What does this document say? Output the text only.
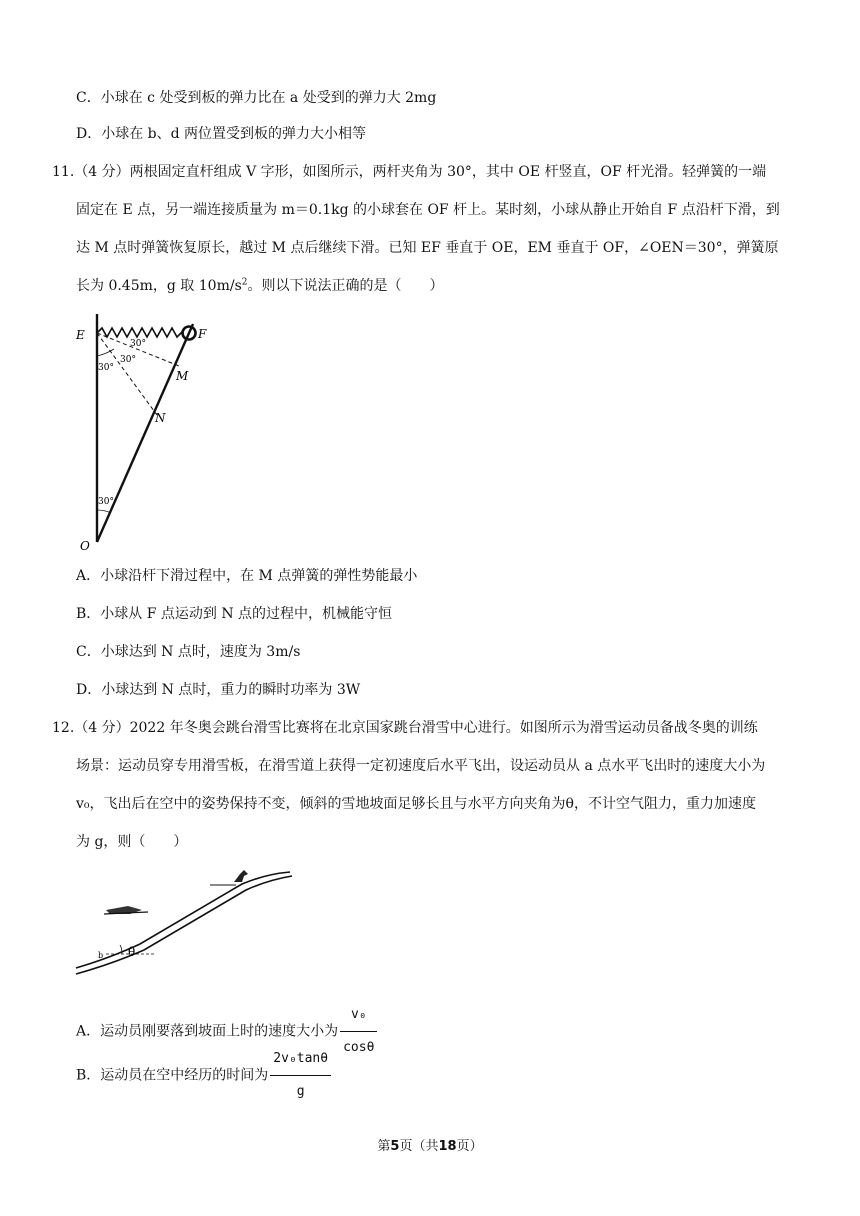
C．小球在 c 处受到板的弹力比在 a 处受到的弹力大 2mg
D．小球在 b、d 两位置受到板的弹力大小相等
11.（4 分）两根固定直杆组成 V 字形，如图所示，两杆夹角为 30°，其中 OE 杆竖直，OF 杆光滑。轻弹簧的一端
固定在 E 点，另一端连接质量为 m＝0.1kg 的小球套在 OF 杆上。某时刻，小球从静止开始自 F 点沿杆下滑，到
达 M 点时弹簧恢复原长，越过 M 点后继续下滑。已知 EF 垂直于 OE，EM 垂直于 OF，∠OEN＝30°，弹簧原
长为 0.45m，g 取 $10m/s^2$。则以下说法正确的是（　　）
E	F
M
N
O
30°
30°
30°
30°
A．小球沿杆下滑过程中，在 M 点弹簧的弹性势能最小
B．小球从 F 点运动到 N 点的过程中，机械能守恒
C．小球达到 N 点时，速度为 3m/s
D．小球达到 N 点时，重力的瞬时功率为 3W
12.（4 分）2022 年冬奥会跳台滑雪比赛将在北京国家跳台滑雪中心进行。如图所示为滑雪运动员备战冬奥的训练
场景：运动员穿专用滑雪板，在滑雪道上获得一定初速度后水平飞出，设运动员从 a 点水平飞出时的速度大小为
v₀，飞出后在空中的姿势保持不变，倾斜的雪地坡面足够长且与水平方向夹角为θ，不计空气阻力，重力加速度
为 g，则（　　）
θ
b
A．运动员刚要落到坡面上时的速度大小为 $\frac{\text{v₀}}{\cos\theta}$
B．运动员在空中经历的时间为 $\frac{\text{2v₀tanθ}}{g}$
第5页（共18页）
